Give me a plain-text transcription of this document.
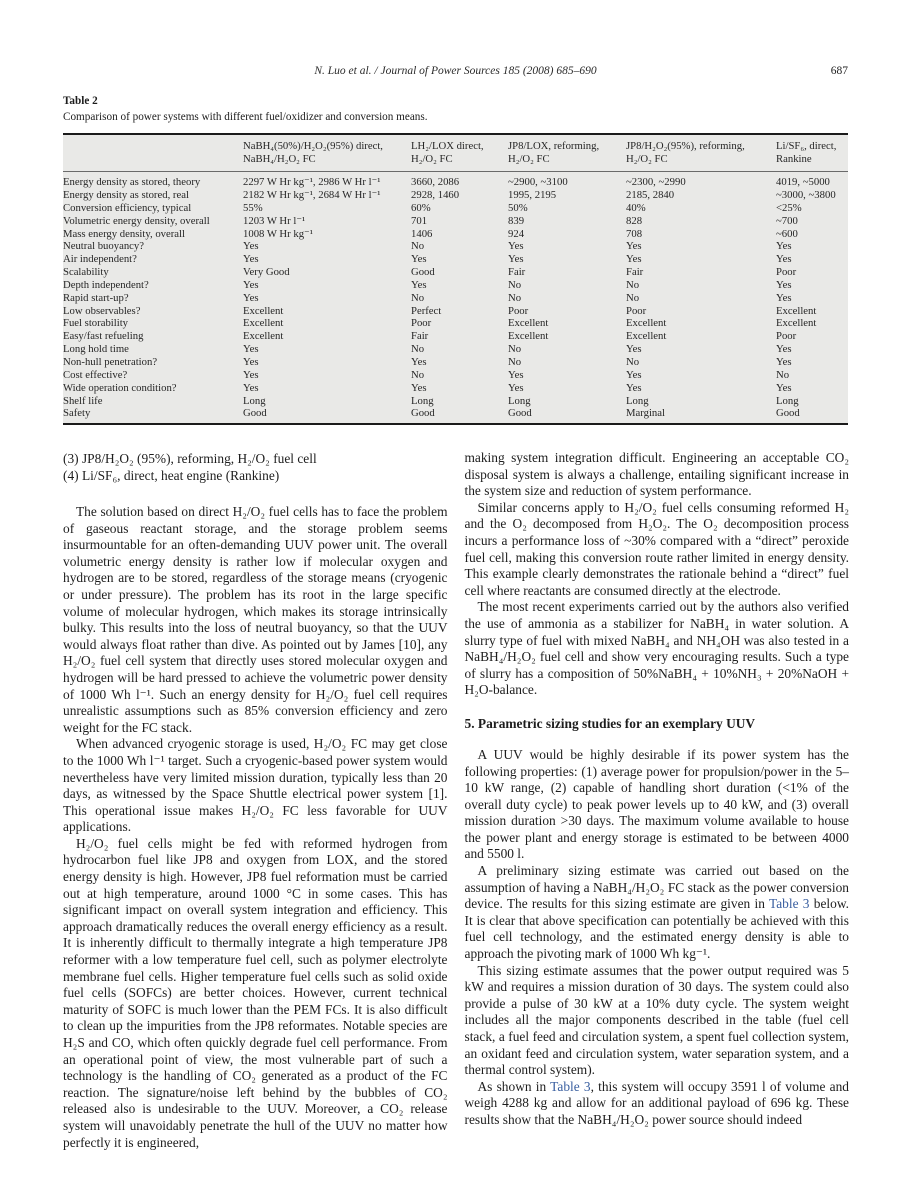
N. Luo et al. / Journal of Power Sources 185 (2008) 685–690	687
Table 2
Comparison of power systems with different fuel/oxidizer and conversion means.
	NaBH₄(50%)/H₂O₂(95%) direct, NaBH₄/H₂O₂ FC	LH₂/LOX direct, H₂/O₂ FC	JP8/LOX, reforming, H₂/O₂ FC	JP8/H₂O₂(95%), reforming, H₂/O₂ FC	Li/SF₆, direct, Rankine
Energy density as stored, theory	2297 W Hr kg⁻¹, 2986 W Hr l⁻¹	3660, 2086	~2900, ~3100	~2300, ~2990	4019, ~5000
Energy density as stored, real	2182 W Hr kg⁻¹, 2684 W Hr l⁻¹	2928, 1460	1995, 2195	2185, 2840	~3000, ~3800
Conversion efficiency, typical	55%	60%	50%	40%	<25%
Volumetric energy density, overall	1203 W Hr l⁻¹	701	839	828	~700
Mass energy density, overall	1008 W Hr kg⁻¹	1406	924	708	~600
Neutral buoyancy?	Yes	No	Yes	Yes	Yes
Air independent?	Yes	Yes	Yes	Yes	Yes
Scalability	Very Good	Good	Fair	Fair	Poor
Depth independent?	Yes	Yes	No	No	Yes
Rapid start-up?	Yes	No	No	No	Yes
Low observables?	Excellent	Perfect	Poor	Poor	Excellent
Fuel storability	Excellent	Poor	Excellent	Excellent	Excellent
Easy/fast refueling	Excellent	Fair	Excellent	Excellent	Poor
Long hold time	Yes	No	No	Yes	Yes
Non-hull penetration?	Yes	Yes	No	No	Yes
Cost effective?	Yes	No	Yes	Yes	No
Wide operation condition?	Yes	Yes	Yes	Yes	Yes
Shelf life	Long	Long	Long	Long	Long
Safety	Good	Good	Good	Marginal	Good
(3) JP8/H₂O₂ (95%), reforming, H₂/O₂ fuel cell
(4) Li/SF₆, direct, heat engine (Rankine)

The solution based on direct H₂/O₂ fuel cells has to face the problem of gaseous reactant storage, and the storage problem seems insurmountable for an often-demanding UUV power unit. The overall volumetric energy density is rather low if molecular oxygen and hydrogen are to be stored, regardless of the storage means (cryogenic or under pressure). The problem has its root in the large specific volume of molecular hydrogen, which makes its storage intrinsically bulky. This results into the loss of neutral buoyancy, so that the UUV would always float rather than dive. As pointed out by James [10], any H₂/O₂ fuel cell system that directly uses stored molecular oxygen and hydrogen will be hard pressed to achieve the volumetric power density of 1000 Wh l⁻¹. Such an energy density for H₂/O₂ fuel cell requires unrealistic assumptions such as 85% conversion efficiency and zero weight for the FC stack.

When advanced cryogenic storage is used, H₂/O₂ FC may get close to the 1000 Wh l⁻¹ target. Such a cryogenic-based power system would nevertheless have very limited mission duration, typically less than 20 days, as witnessed by the Space Shuttle electrical power system [1]. This operational issue makes H₂/O₂ FC less favorable for UUV applications.

H₂/O₂ fuel cells might be fed with reformed hydrogen from hydrocarbon fuel like JP8 and oxygen from LOX, and the stored energy density is high. However, JP8 fuel reformation must be carried out at high temperature, around 1000 °C in some cases. This has significant impact on overall system integration and efficiency. This approach dramatically reduces the overall energy efficiency as a result. It is inherently difficult to thermally integrate a high temperature JP8 reformer with a low temperature fuel cell, such as polymer electrolyte membrane fuel cells. Higher temperature fuel cells such as solid oxide fuel cells (SOFCs) are better choices. However, current technical maturity of SOFC is much lower than the PEM FCs. It is also difficult to clean up the impurities from the JP8 reformates. Notable species are H₂S and CO, which often quickly degrade fuel cell performance. From an operational point of view, the most vulnerable part of such a technology is the handling of CO₂ generated as a product of the FC reaction. The signature/noise left behind by the bubbles of CO₂ released also is undesirable to the UUV. Moreover, a CO₂ release system will unavoidably penetrate the hull of the UUV no matter how perfectly it is engineered,

making system integration difficult. Engineering an acceptable CO₂ disposal system is always a challenge, entailing significant increase in the system size and reduction of system performance.

Similar concerns apply to H₂/O₂ fuel cells consuming reformed H₂ and the O₂ decomposed from H₂O₂. The O₂ decomposition process incurs a performance loss of ~30% compared with a “direct” peroxide fuel cell, making this conversion route rather limited in energy density. This example clearly demonstrates the rationale behind a “direct” fuel cell where reactants are consumed directly at the electrode.

The most recent experiments carried out by the authors also verified the use of ammonia as a stabilizer for NaBH₄ in water solution. A slurry type of fuel with mixed NaBH₄ and NH₄OH was also tested in a NaBH₄/H₂O₂ fuel cell and show very encouraging results. Such a type of slurry has a composition of 50%NaBH₄ + 10%NH₃ + 20%NaOH + H₂O-balance.

5. Parametric sizing studies for an exemplary UUV

A UUV would be highly desirable if its power system has the following properties: (1) average power for propulsion/power in the 5–10 kW range, (2) capable of handling short duration (<1% of the overall duty cycle) to peak power levels up to 40 kW, and (3) overall mission duration >30 days. The maximum volume available to house the power plant and energy storage is estimated to be between 4000 and 5500 l.

A preliminary sizing estimate was carried out based on the assumption of having a NaBH₄/H₂O₂ FC stack as the power conversion device. The results for this sizing estimate are given in Table 3 below. It is clear that above specification can potentially be achieved with this fuel cell technology, and the estimated energy density is able to approach the pivoting mark of 1000 Wh kg⁻¹.

This sizing estimate assumes that the power output required was 5 kW and requires a mission duration of 30 days. The system could also provide a pulse of 30 kW at a 10% duty cycle. The system weight includes all the major components described in the table (fuel cell stack, a fuel feed and circulation system, a spent fuel collection system, an oxidant feed and circulation system, water separation system, and a thermal control system).

As shown in Table 3, this system will occupy 3591 l of volume and weigh 4288 kg and allow for an additional payload of 696 kg. These results show that the NaBH₄/H₂O₂ power source should indeed
